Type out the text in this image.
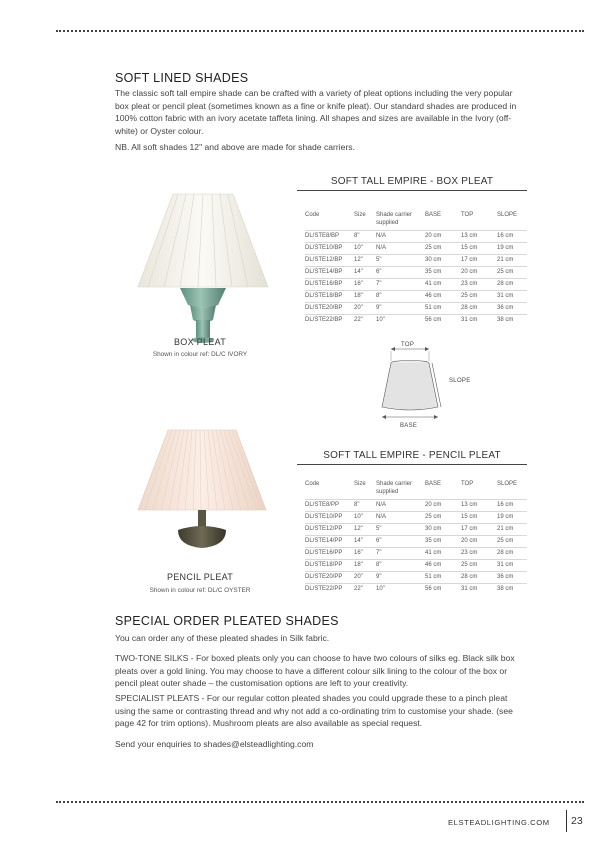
SOFT LINED SHADES

The classic soft tall empire shade can be crafted with a variety of pleat options including the very popular box pleat or pencil pleat (sometimes known as a fine or knife pleat). Our standard shades are produced in 100% cotton fabric with an ivory acetate taffeta lining. All shapes and sizes are available in the Ivory (off-white) or Oyster colour.

NB. All soft shades 12" and above are made for shade carriers.

BOX PLEAT
Shown in colour ref: DL/C IVORY
SOFT TALL EMPIRE - BOX PLEAT
Code	Size	Shade carrier supplied	BASE	TOP	SLOPE
DL/STE8/BP	8"	N/A	20 cm	13 cm	16 cm
DL/STE10/BP	10"	N/A	25 cm	15 cm	19 cm
DL/STE12/BP	12"	5"	30 cm	17 cm	21 cm
DL/STE14/BP	14"	6"	35 cm	20 cm	25 cm
DL/STE16/BP	16"	7"	41 cm	23 cm	28 cm
DL/STE18/BP	18"	8"	46 cm	25 cm	31 cm
DL/STE20/BP	20"	9"	51 cm	28 cm	36 cm
DL/STE22/BP	22"	10"	56 cm	31 cm	38 cm
TOP
SLOPE
BASE
PENCIL PLEAT
Shown in colour ref: DL/C OYSTER
SOFT TALL EMPIRE - PENCIL PLEAT
Code	Size	Shade carrier supplied	BASE	TOP	SLOPE
DL/STE8/PP	8"	N/A	20 cm	13 cm	16 cm
DL/STE10/PP	10"	N/A	25 cm	15 cm	19 cm
DL/STE12/PP	12"	5"	30 cm	17 cm	21 cm
DL/STE14/PP	14"	6"	35 cm	20 cm	25 cm
DL/STE16/PP	16"	7"	41 cm	23 cm	28 cm
DL/STE18/PP	18"	8"	46 cm	25 cm	31 cm
DL/STE20/PP	20"	9"	51 cm	28 cm	36 cm
DL/STE22/PP	22"	10"	56 cm	31 cm	38 cm
SPECIAL ORDER PLEATED SHADES

You can order any of these pleated shades in Silk fabric.

TWO-TONE SILKS - For boxed pleats only you can choose to have two colours of silks eg. Black silk box pleats over a gold lining. You may choose to have a different colour silk lining to the colour of the box or pencil pleat outer shade – the customisation options are left to your creativity.

SPECIALIST PLEATS - For our regular cotton pleated shades you could upgrade these to a pinch pleat using the same or contrasting thread and why not add a co-ordinating trim to customise your shade. (see page 42 for trim options). Mushroom pleats are also available as special request.

Send your enquiries to shades@elsteadlighting.com

ELSTEADLIGHTING.COM 23
